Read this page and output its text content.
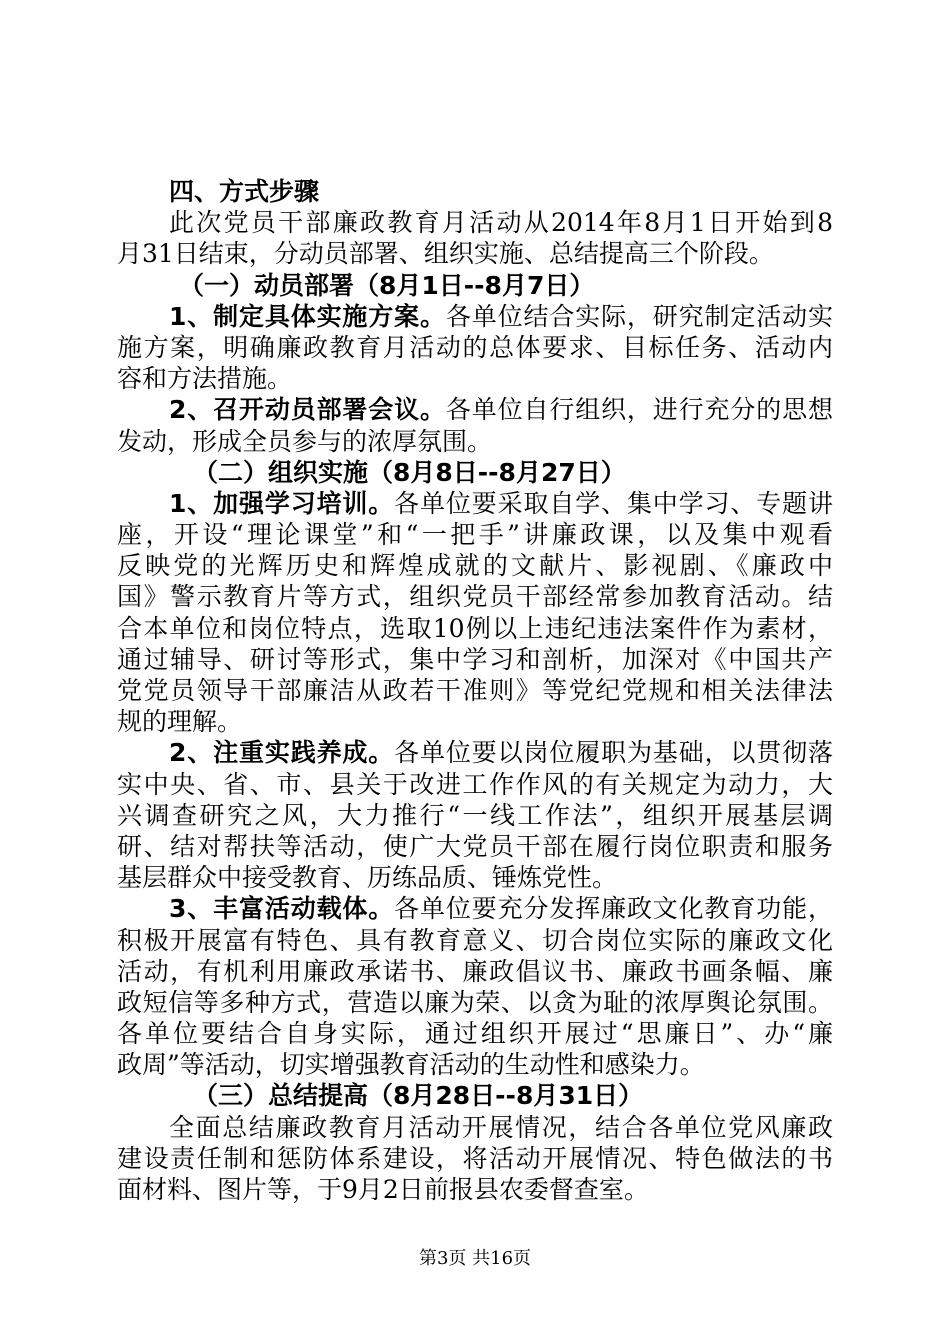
四、方式步骤
此次党员干部廉政教育月活动从2014年8月1日开始到8
月31日结束，分动员部署、组织实施、总结提高三个阶段。
（一）动员部署（8月1日--8月7日）
1、制定具体实施方案。各单位结合实际，研究制定活动实
施方案，明确廉政教育月活动的总体要求、目标任务、活动内
容和方法措施。
2、召开动员部署会议。各单位自行组织，进行充分的思想
发动，形成全员参与的浓厚氛围。
（二）组织实施（8月8日--8月27日）
1、加强学习培训。各单位要采取自学、集中学习、专题讲
座，开设“理论课堂”和“一把手”讲廉政课，以及集中观看
反映党的光辉历史和辉煌成就的文献片、影视剧、《廉政中
国》警示教育片等方式，组织党员干部经常参加教育活动。结
合本单位和岗位特点，选取10例以上违纪违法案件作为素材，
通过辅导、研讨等形式，集中学习和剖析，加深对《中国共产
党党员领导干部廉洁从政若干准则》等党纪党规和相关法律法
规的理解。
2、注重实践养成。各单位要以岗位履职为基础，以贯彻落
实中央、省、市、县关于改进工作作风的有关规定为动力，大
兴调查研究之风，大力推行“一线工作法”，组织开展基层调
研、结对帮扶等活动，使广大党员干部在履行岗位职责和服务
基层群众中接受教育、历练品质、锤炼党性。
3、丰富活动载体。各单位要充分发挥廉政文化教育功能，
积极开展富有特色、具有教育意义、切合岗位实际的廉政文化
活动，有机利用廉政承诺书、廉政倡议书、廉政书画条幅、廉
政短信等多种方式，营造以廉为荣、以贪为耻的浓厚舆论氛围。
各单位要结合自身实际，通过组织开展过“思廉日”、办“廉
政周”等活动，切实增强教育活动的生动性和感染力。
（三）总结提高（8月28日--8月31日）
全面总结廉政教育月活动开展情况，结合各单位党风廉政
建设责任制和惩防体系建设，将活动开展情况、特色做法的书
面材料、图片等，于9月2日前报县农委督查室。
第3页 共16页
